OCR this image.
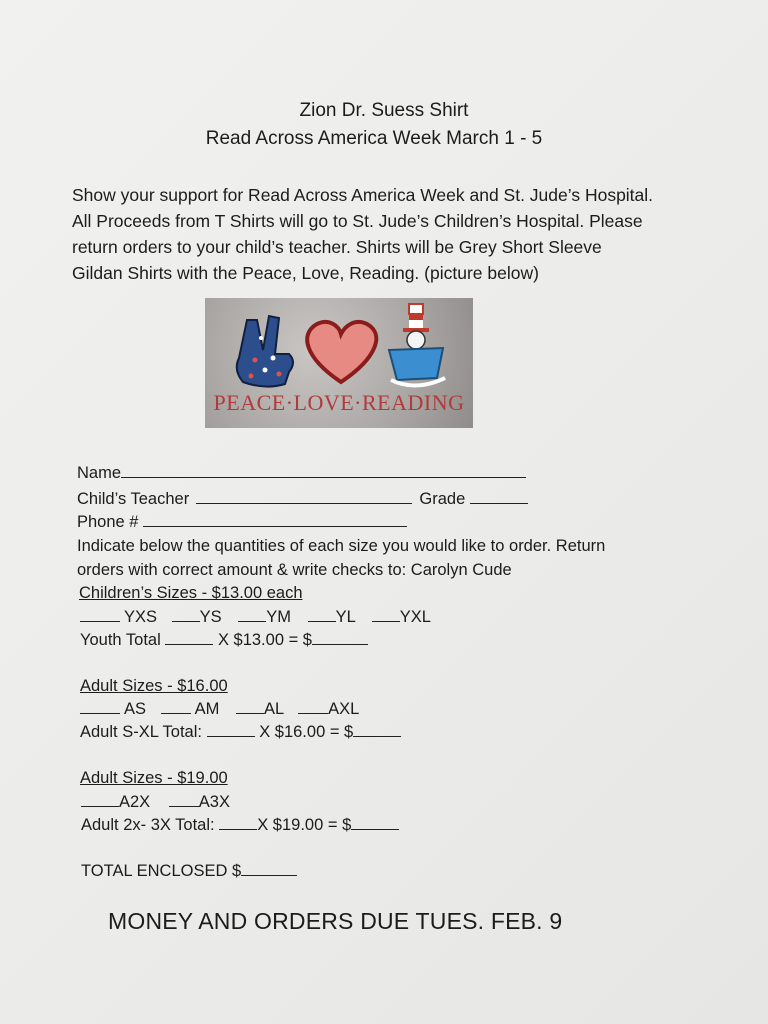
Zion Dr. Suess Shirt
Read Across America Week March 1 - 5
Show your support for Read Across America Week and St. Jude’s Hospital.
All Proceeds from T Shirts will go to St. Jude’s Children’s Hospital. Please
return orders to your child’s teacher. Shirts will be Grey Short Sleeve
Gildan Shirts with the Peace, Love, Reading. (picture below)
PEACE·LOVE·READING
Name
Child’s Teacher	Grade
Phone #
Indicate below the quantities of each size you would like to order. Return
orders with correct amount & write checks to: Carolyn Cude
Children’s Sizes - $13.00 each
YXS	YS	YM	YL	YXL
Youth Total	X $13.00 = $
Adult Sizes - $16.00
AS	AM	AL	AXL
Adult S-XL Total:	X $16.00 = $
Adult Sizes - $19.00
A2X	A3X
Adult 2x- 3X Total:	X $19.00 = $
TOTAL ENCLOSED $
MONEY AND ORDERS DUE TUES. FEB. 9
